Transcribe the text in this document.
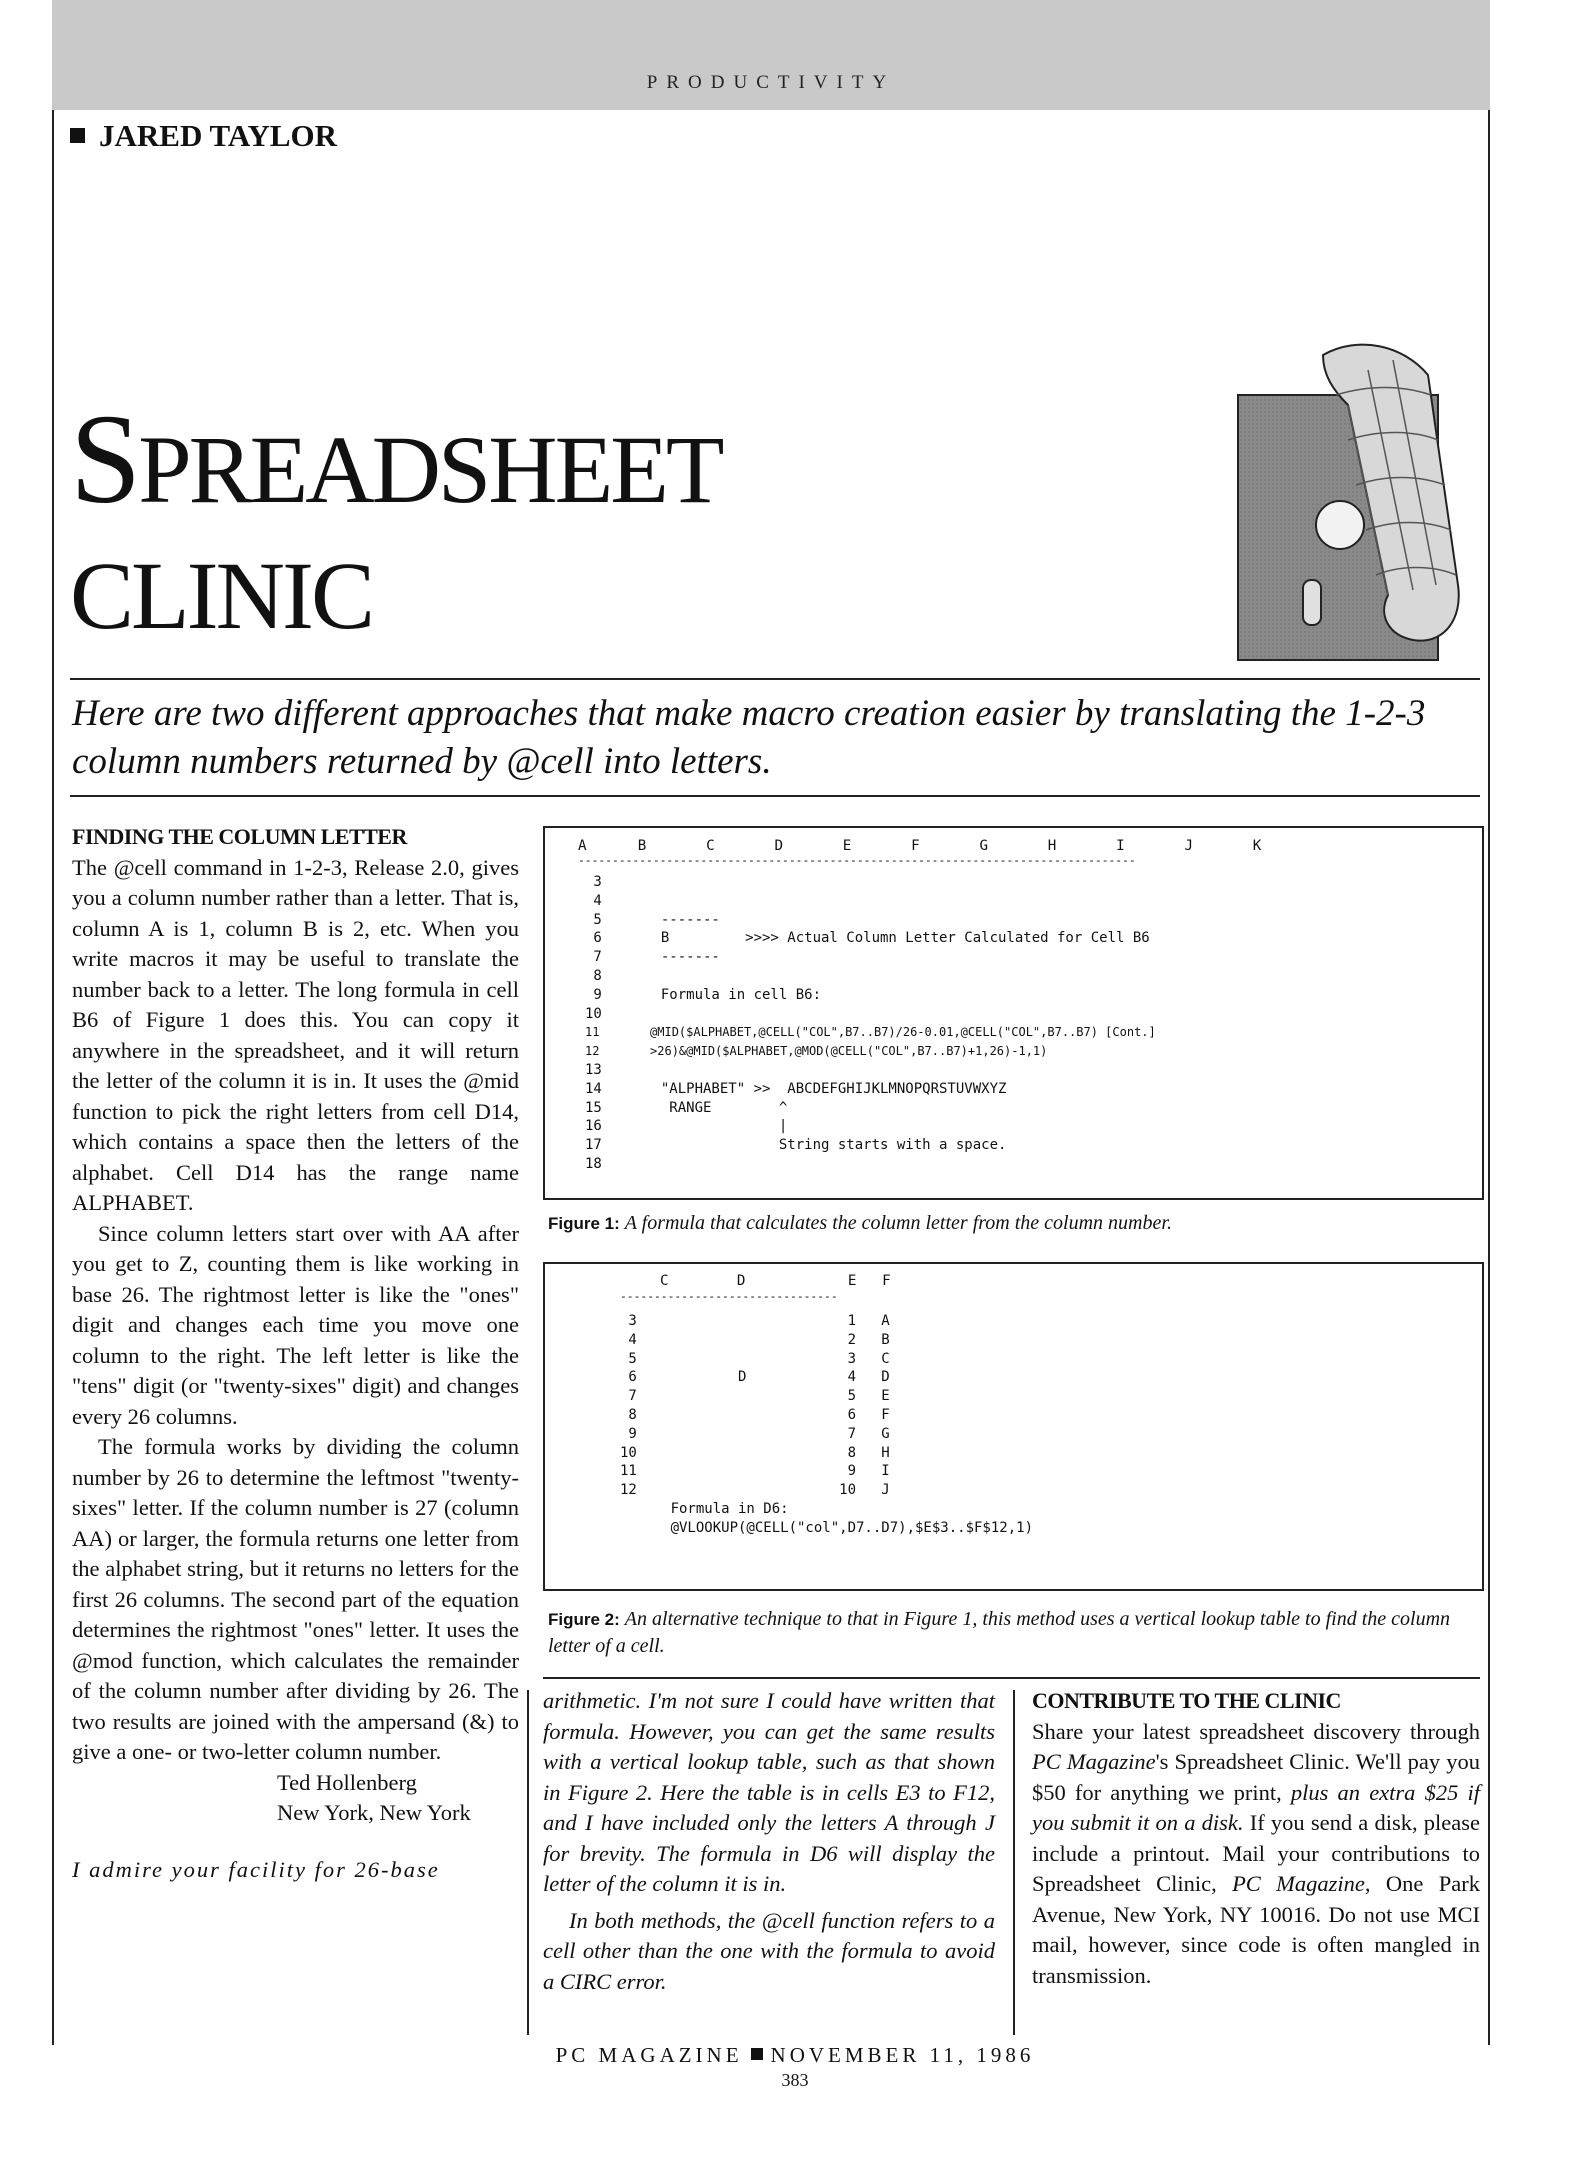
PRODUCTIVITY
JARED TAYLOR
SPREADSHEET
CLINIC
Here are two different approaches that make macro creation easier by translating the 1-2-3 column numbers returned by @cell into letters.
FINDING THE COLUMN LETTER

The @cell command in 1-2-3, Release 2.0, gives you a column number rather than a letter. That is, column A is 1, column B is 2, etc. When you write macros it may be useful to translate the number back to a letter. The long formula in cell B6 of Figure 1 does this. You can copy it anywhere in the spreadsheet, and it will return the letter of the column it is in. It uses the @mid function to pick the right letters from cell D14, which contains a space then the letters of the alphabet. Cell D14 has the range name ALPHABET.

Since column letters start over with AA after you get to Z, counting them is like working in base 26. The rightmost letter is like the "ones" digit and changes each time you move one column to the right. The left letter is like the "tens" digit (or "twenty-sixes" digit) and changes every 26 columns.

The formula works by dividing the column number by 26 to determine the leftmost "twenty-sixes" letter. If the column number is 27 (column AA) or larger, the formula returns one letter from the alphabet string, but it returns no letters for the first 26 columns. The second part of the equation determines the rightmost "ones" letter. It uses the @mod function, which calculates the remainder of the column number after dividing by 26. The two results are joined with the ampersand (&) to give a one- or two-letter column number.

Ted Hollenberg
New York, New York
I admire your facility for 26-base
A      B       C       D       E       F       G       H       I       J       K
----------------------------------------------------------------------------------
3
4
5       -------
6       B         >>>> Actual Column Letter Calculated for Cell B6
7       -------
8
9       Formula in cell B6:
10
11       @MID($ALPHABET,@CELL("COL",B7..B7)/26-0.01,@CELL("COL",B7..B7) [Cont.]
12       >26)&@MID($ALPHABET,@MOD(@CELL("COL",B7..B7)+1,26)-1,1)
13
14       "ALPHABET" >>  ABCDEFGHIJKLMNOPQRSTUVWXYZ
15        RANGE        ^
16                     |
17                     String starts with a space.
18
Figure 1: A formula that calculates the column letter from the column number.
C        D            E   F
--------------------------------
3                         1   A
4                         2   B
5                         3   C
6            D            4   D
7                         5   E
8                         6   F
9                         7   G
10                         8   H
11                         9   I
12                        10   J
Formula in D6:
@VLOOKUP(@CELL("col",D7..D7),$E$3..$F$12,1)
Figure 2: An alternative technique to that in Figure 1, this method uses a vertical lookup table to find the column letter of a cell.

arithmetic. I'm not sure I could have written that formula. However, you can get the same results with a vertical lookup table, such as that shown in Figure 2. Here the table is in cells E3 to F12, and I have included only the letters A through J for brevity. The formula in D6 will display the letter of the column it is in.

In both methods, the @cell function refers to a cell other than the one with the formula to avoid a CIRC error.

CONTRIBUTE TO THE CLINIC

Share your latest spreadsheet discovery through PC Magazine's Spreadsheet Clinic. We'll pay you $50 for anything we print, plus an extra $25 if you submit it on a disk. If you send a disk, please include a printout. Mail your contributions to Spreadsheet Clinic, PC Magazine, One Park Avenue, New York, NY 10016. Do not use MCI mail, however, since code is often mangled in transmission.

PC MAGAZINE NOVEMBER 11, 1986
383
